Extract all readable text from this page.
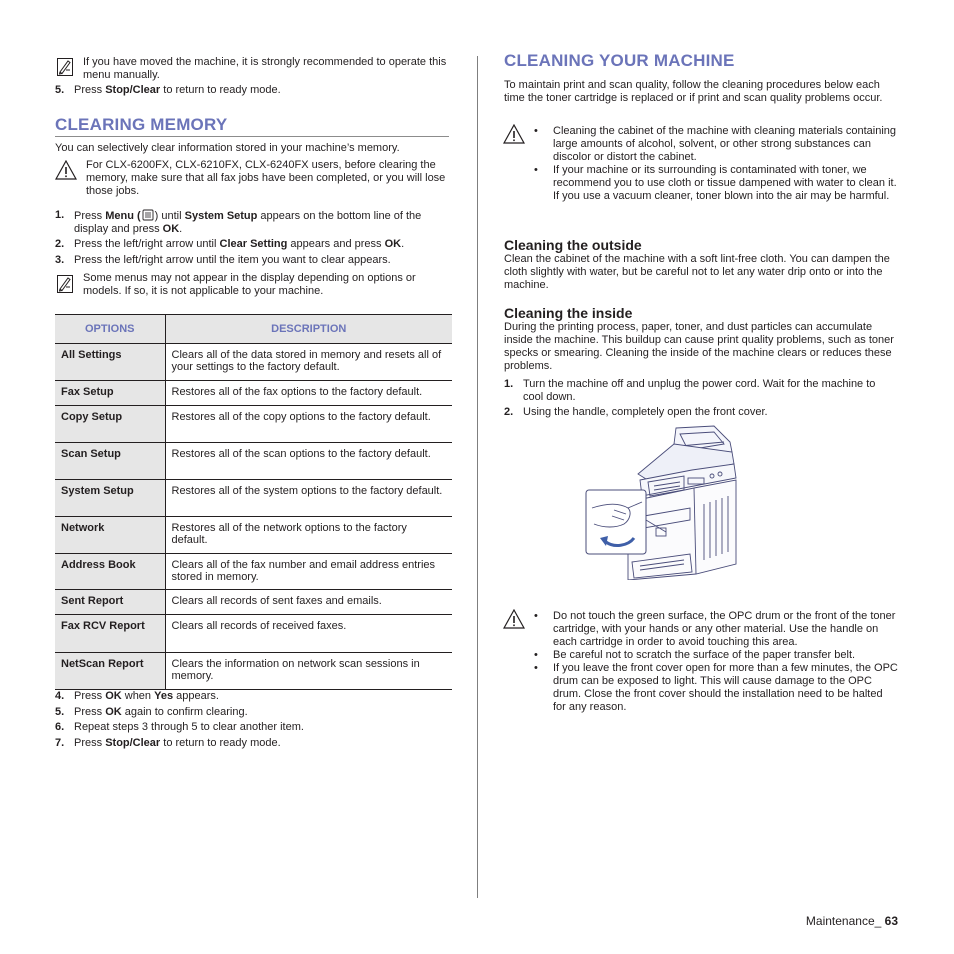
If you have moved the machine, it is strongly recommended to operate this menu manually.
5. Press Stop/Clear to return to ready mode.
CLEARING MEMORY
You can selectively clear information stored in your machine’s memory.
For CLX-6200FX, CLX-6210FX, CLX-6240FX users, before clearing the memory, make sure that all fax jobs have been completed, or you will lose those jobs.
1. Press Menu ( ) until System Setup appears on the bottom line of the
display and press OK.
2. Press the left/right arrow until Clear Setting appears and press OK.
3. Press the left/right arrow until the item you want to clear appears.
Some menus may not appear in the display depending on options or models. If so, it is not applicable to your machine.
OPTIONS	DESCRIPTION
All Settings	Clears all of the data stored in memory and resets all of your settings to the factory default.
Fax Setup	Restores all of the fax options to the factory default.
Copy Setup	Restores all of the copy options to the factory default.
Scan Setup	Restores all of the scan options to the factory default.
System Setup	Restores all of the system options to the factory default.
Network	Restores all of the network options to the factory default.
Address Book	Clears all of the fax number and email address entries stored in memory.
Sent Report	Clears all records of sent faxes and emails.
Fax RCV Report	Clears all records of received faxes.
NetScan Report	Clears the information on network scan sessions in memory.
4. Press OK when Yes appears.
5. Press OK again to confirm clearing.
6. Repeat steps 3 through 5 to clear another item.
7. Press Stop/Clear to return to ready mode.
CLEANING YOUR MACHINE
To maintain print and scan quality, follow the cleaning procedures below each time the toner cartridge is replaced or if print and scan quality problems occur.
• Cleaning the cabinet of the machine with cleaning materials containing large amounts of alcohol, solvent, or other strong substances can discolor or distort the cabinet.
• If your machine or its surrounding is contaminated with toner, we recommend you to use cloth or tissue dampened with water to clean it. If you use a vacuum cleaner, toner blown into the air may be harmful.
Cleaning the outside
Clean the cabinet of the machine with a soft lint-free cloth. You can dampen the cloth slightly with water, but be careful not to let any water drip onto or into the machine.
Cleaning the inside
During the printing process, paper, toner, and dust particles can accumulate inside the machine. This buildup can cause print quality problems, such as toner specks or smearing. Cleaning the inside of the machine clears or reduces these problems.
1. Turn the machine off and unplug the power cord. Wait for the machine to cool down.
2. Using the handle, completely open the front cover.
• Do not touch the green surface, the OPC drum or the front of the toner cartridge, with your hands or any other material. Use the handle on each cartridge in order to avoid touching this area.
• Be careful not to scratch the surface of the paper transfer belt.
• If you leave the front cover open for more than a few minutes, the OPC drum can be exposed to light. This will cause damage to the OPC drum. Close the front cover should the installation need to be halted for any reason.
Maintenance_ 63
